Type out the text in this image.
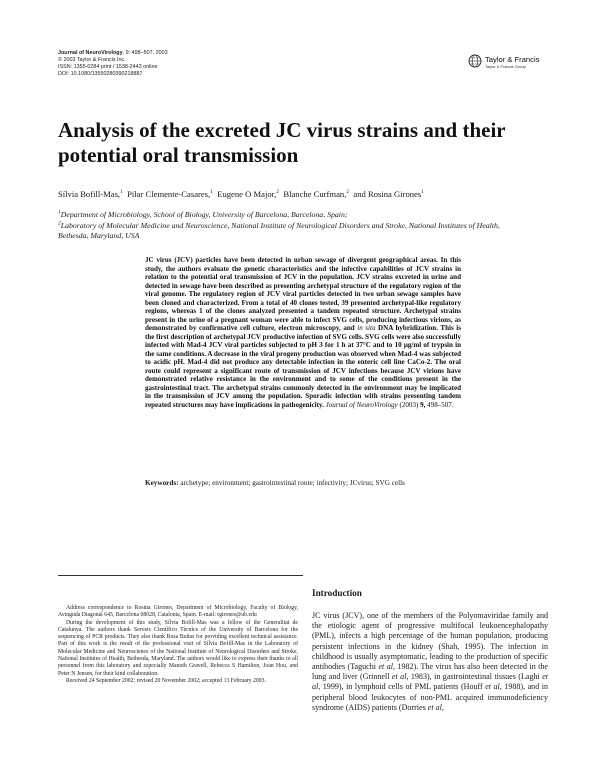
Journal of NeuroVirology, 9: 498–507, 2003
© 2003 Taylor & Francis Inc.
ISSN: 1355-0284 print / 1538-2443 online
DOI: 10.1080/13550280390218887
Taylor & Francis
Taylor & Francis Group
Analysis of the excreted JC virus strains and their potential oral transmission
Sílvia Bofill-Mas,$^1$ Pilar Clemente-Casares,$^1$ Eugene O Major,$^2$ Blanche Curfman,$^2$ and Rosina Girones$^1$
$^1$Department of Microbiology, School of Biology, University of Barcelona, Barcelona, Spain;
$^2$Laboratory of Molecular Medicine and Neuroscience, National Institute of Neurological Disorders and Stroke, National Institutes of Health, Bethesda, Maryland, USA
JC virus (JCV) particles have been detected in urban sewage of divergent geographical areas. In this study, the authors evaluate the genetic characteristics and the infective capabilities of JCV strains in relation to the potential oral transmission of JCV in the population. JCV strains excreted in urine and detected in sewage have been described as presenting archetypal structure of the regulatory region of the viral genome. The regulatory region of JCV viral particles detected in two urban sewage samples have been cloned and characterized. From a total of 40 clones tested, 39 presented archetypal-like regulatory regions, whereas 1 of the clones analyzed presented a tandem repeated structure. Archetypal strains present in the urine of a pregnant woman were able to infect SVG cells, producing infectious virions, as demonstrated by confirmative cell culture, electron microscopy, and in situ DNA hybridization. This is the first description of archetypal JCV productive infection of SVG cells. SVG cells were also successfully infected with Mad-4 JCV viral particles subjected to pH 3 for 1 h at 37°C and to 10 μg/ml of trypsin in the same conditions. A decrease in the viral progeny production was observed when Mad-4 was subjected to acidic pH. Mad-4 did not produce any detectable infection in the enteric cell line CaCo-2. The oral route could represent a significant route of transmission of JCV infections because JCV virions have demonstrated relative resistance in the environment and to some of the conditions present in the gastrointestinal tract. The archetypal strains commonly detected in the environment may be implicated in the transmission of JCV among the population. Sporadic infection with strains presenting tandem repeated structures may have implications in pathogenicity. Journal of NeuroVirology (2003) 9, 498–507.
Keywords: archetype; environment; gastrointestinal route; infectivity; JCvirus; SVG cells

Address correspondence to Rosina Girones, Department of Microbiology, Faculty of Biology, Avinguda Diagonal 645, Barcelona 08028, Catalonia, Spain. E-mail: rgirones@ub.edu

During the development of this study, Sílvia Bofill-Mas was a fellow of the Generalitat de Catalunya. The authors thank Serveis Científico Tècnics of the University of Barcelona for the sequencing of PCR products. They also thank Rosa Buñas for providing excellent technical assistance. Part of this work is the result of the professional visit of Sílvia Bofill-Mas in the Laboratory of Molecular Medicine and Neuroscience of the National Institute of Neurological Disorders and Stroke, National Institutes of Health, Bethesda, Maryland. The authors would like to express their thanks to all personnel from this laboratory and especially Manoth Gravell, Rebecca S Hamilton, Joan Hou, and Peter N Jensen, for their kind collaboration.

Received 24 September 2002; revised 20 November 2002; accepted 13 February 2003.

Introduction
JC virus (JCV), one of the members of the Polyomaviridae family and the etiologic agent of progressive multifocal leukoencephalopathy (PML), infects a high percentage of the human population, producing persistent infections in the kidney (Shah, 1995). The infection in childhood is usually asymptomatic, leading to the production of specific antibodies (Taguchi et al, 1982). The virus has also been detected in the lung and liver (Grinnell et al, 1983), in gastrointestinal tissues (Laghi et al, 1999), in lymphoid cells of PML patients (Houff et al, 1988), and in peripheral blood leukocytes of non-PML acquired immunodeficiency syndrome (AIDS) patients (Dorries et al,
